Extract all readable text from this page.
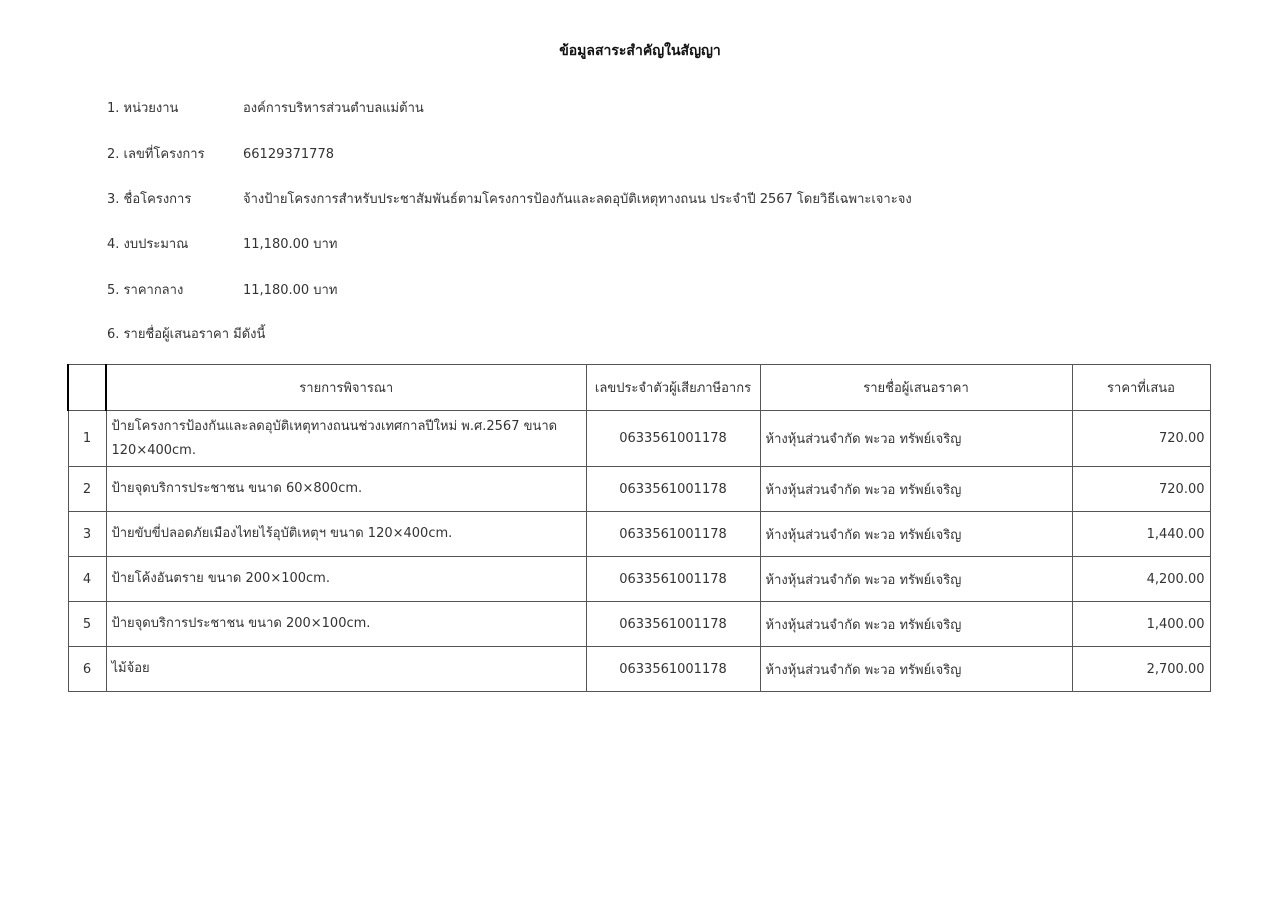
ข้อมูลสาระสำคัญในสัญญา
1. หน่วยงาน	องค์การบริหารส่วนตำบลแม่ต้าน
2. เลขที่โครงการ	66129371778
3. ชื่อโครงการ	จ้างป้ายโครงการสำหรับประชาสัมพันธ์ตามโครงการป้องกันและลดอุบัติเหตุทางถนน ประจำปี 2567 โดยวิธีเฉพาะเจาะจง
4. งบประมาณ	11,180.00 บาท
5. ราคากลาง	11,180.00 บาท
6. รายชื่อผู้เสนอราคา มีดังนี้
	รายการพิจารณา	เลขประจำตัวผู้เสียภาษีอากร	รายชื่อผู้เสนอราคา	ราคาที่เสนอ
1	ป้ายโครงการป้องกันและลดอุบัติเหตุทางถนนช่วงเทศกาลปีใหม่ พ.ศ.2567 ขนาด 120×400cm.	0633561001178	ห้างหุ้นส่วนจำกัด พะวอ ทรัพย์เจริญ	720.00
2	ป้ายจุดบริการประชาชน ขนาด 60×800cm.	0633561001178	ห้างหุ้นส่วนจำกัด พะวอ ทรัพย์เจริญ	720.00
3	ป้ายขับขี่ปลอดภัยเมืองไทยไร้อุบัติเหตุฯ ขนาด 120×400cm.	0633561001178	ห้างหุ้นส่วนจำกัด พะวอ ทรัพย์เจริญ	1,440.00
4	ป้ายโค้งอันตราย ขนาด 200×100cm.	0633561001178	ห้างหุ้นส่วนจำกัด พะวอ ทรัพย์เจริญ	4,200.00
5	ป้ายจุดบริการประชาชน ขนาด 200×100cm.	0633561001178	ห้างหุ้นส่วนจำกัด พะวอ ทรัพย์เจริญ	1,400.00
6	ไม้จ้อย	0633561001178	ห้างหุ้นส่วนจำกัด พะวอ ทรัพย์เจริญ	2,700.00
